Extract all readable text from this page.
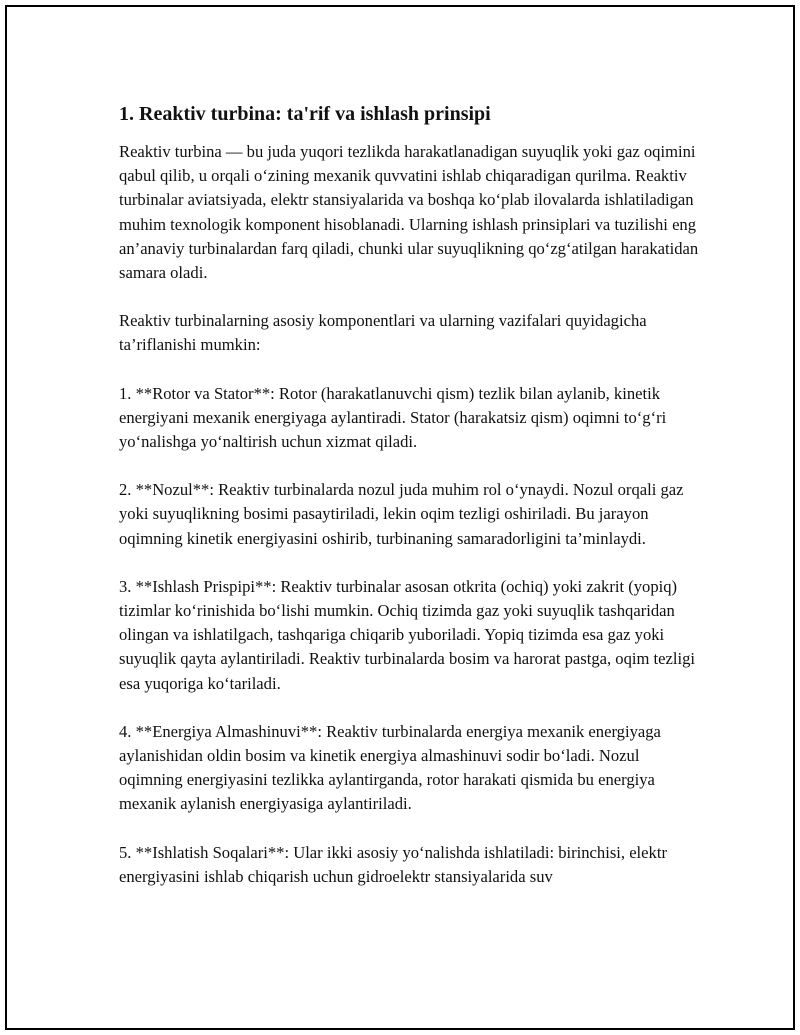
1. Reaktiv turbina: ta'rif va ishlash prinsipi

Reaktiv turbina — bu juda yuqori tezlikda harakatlanadigan suyuqlik yoki gaz oqimini qabul qilib, u orqali o‘zining mexanik quvvatini ishlab chiqaradigan qurilma. Reaktiv turbinalar aviatsiyada, elektr stansiyalarida va boshqa ko‘plab ilovalarda ishlatiladigan muhim texnologik komponent hisoblanadi. Ularning ishlash prinsiplari va tuzilishi eng an’anaviy turbinalardan farq qiladi, chunki ular suyuqlikning qo‘zg‘atilgan harakatidan samara oladi.

Reaktiv turbinalarning asosiy komponentlari va ularning vazifalari quyidagicha ta’riflanishi mumkin:

1. **Rotor va Stator**: Rotor (harakatlanuvchi qism) tezlik bilan aylanib, kinetik energiyani mexanik energiyaga aylantiradi. Stator (harakatsiz qism) oqimni to‘g‘ri yo‘nalishga yo‘naltirish uchun xizmat qiladi.

2. **Nozul**: Reaktiv turbinalarda nozul juda muhim rol o‘ynaydi. Nozul orqali gaz yoki suyuqlikning bosimi pasaytiriladi, lekin oqim tezligi oshiriladi. Bu jarayon oqimning kinetik energiyasini oshirib, turbinaning samaradorligini ta’minlaydi.

3. **Ishlash Prispipi**: Reaktiv turbinalar asosan otkrita (ochiq) yoki zakrit (yopiq) tizimlar ko‘rinishida bo‘lishi mumkin. Ochiq tizimda gaz yoki suyuqlik tashqaridan olingan va ishlatilgach, tashqariga chiqarib yuboriladi. Yopiq tizimda esa gaz yoki suyuqlik qayta aylantiriladi. Reaktiv turbinalarda bosim va harorat pastga, oqim tezligi esa yuqoriga ko‘tariladi.

4. **Energiya Almashinuvi**: Reaktiv turbinalarda energiya mexanik energiyaga aylanishidan oldin bosim va kinetik energiya almashinuvi sodir bo‘ladi. Nozul oqimning energiyasini tezlikka aylantirganda, rotor harakati qismida bu energiya mexanik aylanish energiyasiga aylantiriladi.

5. **Ishlatish Soqalari**: Ular ikki asosiy yo‘nalishda ishlatiladi: birinchisi, elektr energiyasini ishlab chiqarish uchun gidroelektr stansiyalarida suv
